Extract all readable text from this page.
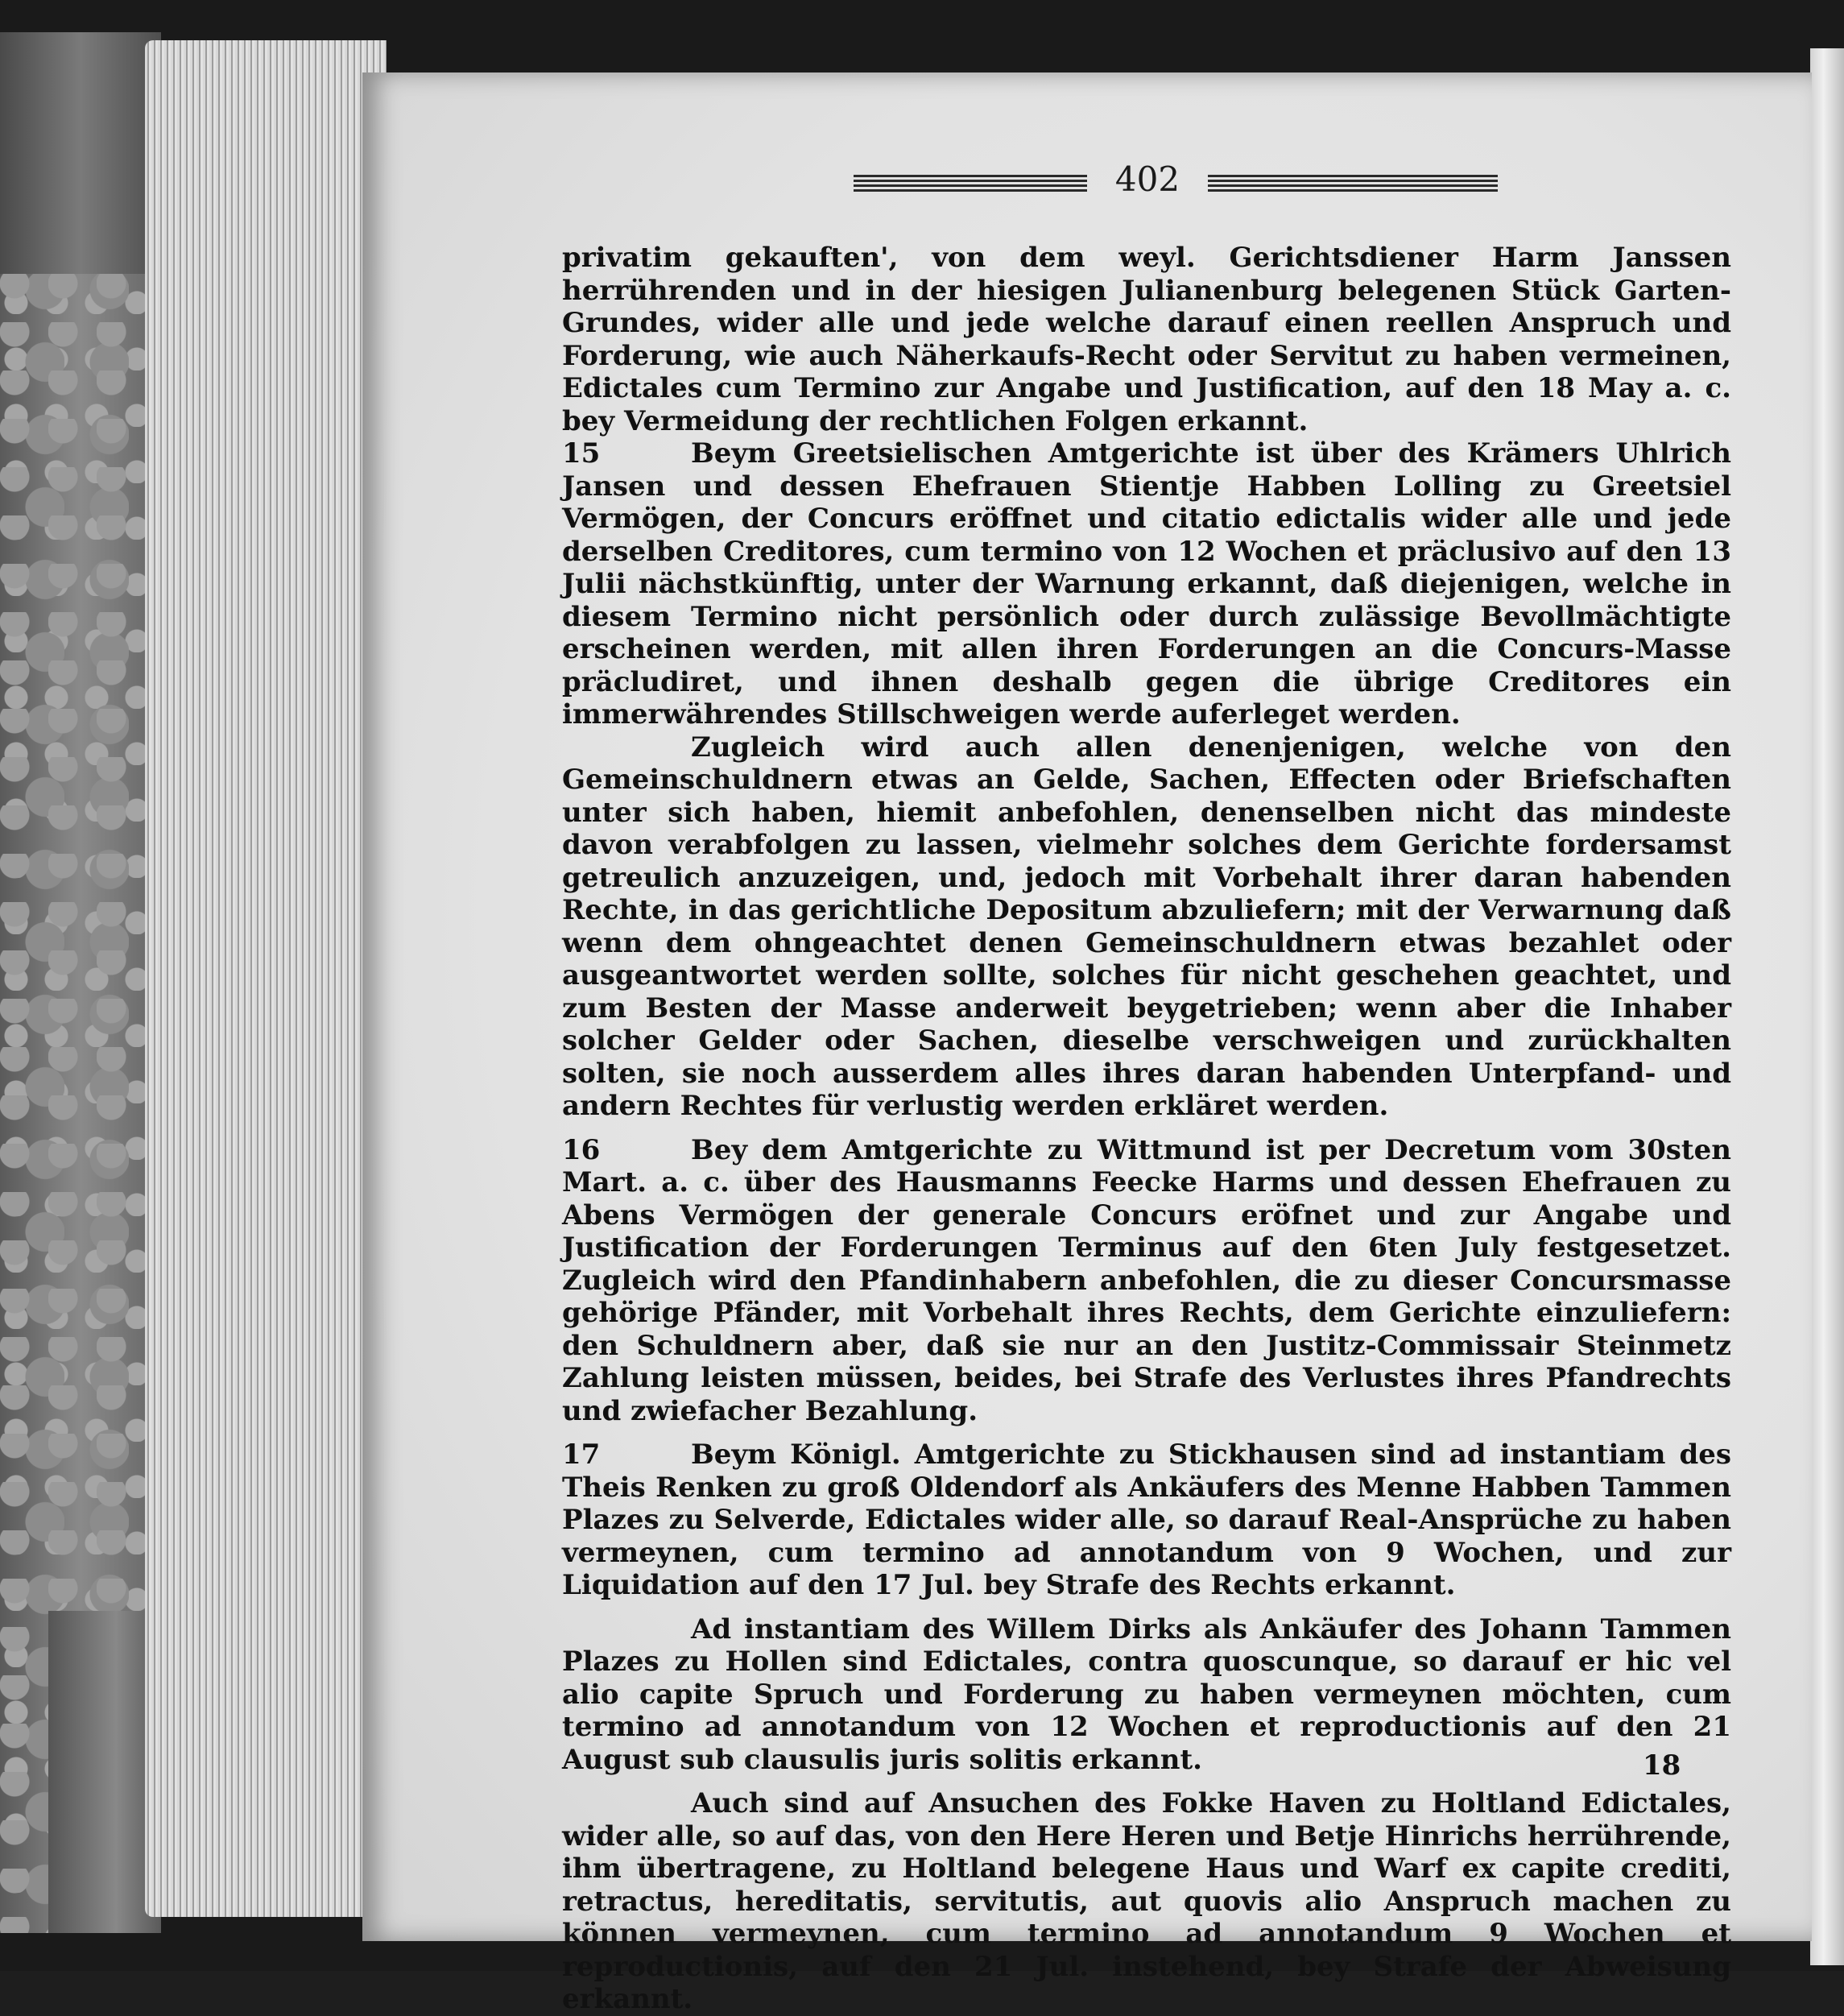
402

privatim gekauften', von dem weyl. Gerichtsdiener Harm Janssen herrührenden und in der hiesigen Julianenburg belegenen Stück Garten-Grundes, wider alle und jede welche darauf einen reellen Anspruch und Forderung, wie auch Näherkaufs-Recht oder Servitut zu haben vermeinen, Edictales cum Termino zur Angabe und Justification, auf den 18 May a. c. bey Vermeidung der rechtlichen Folgen erkannt.

15	Beym Greetsielischen Amtgerichte ist über des Krämers Uhlrich Jansen und dessen Ehefrauen Stientje Habben Lolling zu Greetsiel Vermögen, der Concurs eröffnet und citatio edictalis wider alle und jede derselben Creditores, cum termino von 12 Wochen et präclusivo auf den 13 Julii nächstkünftig, unter der Warnung erkannt, daß diejenigen, welche in diesem Termino nicht persönlich oder durch zulässige Bevollmächtigte erscheinen werden, mit allen ihren Forderungen an die Concurs-Masse präcludiret, und ihnen deshalb gegen die übrige Creditores ein immerwährendes Stillschweigen werde auferleget werden.

Zugleich wird auch allen denenjenigen, welche von den Gemeinschuldnern etwas an Gelde, Sachen, Effecten oder Briefschaften unter sich haben, hiemit anbefohlen, denenselben nicht das mindeste davon verabfolgen zu lassen, vielmehr solches dem Gerichte fordersamst getreulich anzuzeigen, und, jedoch mit Vorbehalt ihrer daran habenden Rechte, in das gerichtliche Depositum abzuliefern; mit der Verwarnung daß wenn dem ohngeachtet denen Gemeinschuldnern etwas bezahlet oder ausgeantwortet werden sollte, solches für nicht geschehen geachtet, und zum Besten der Masse anderweit beygetrieben; wenn aber die Inhaber solcher Gelder oder Sachen, dieselbe verschweigen und zurückhalten solten, sie noch ausserdem alles ihres daran habenden Unterpfand- und andern Rechtes für verlustig werden erkläret werden.

16	Bey dem Amtgerichte zu Wittmund ist per Decretum vom 30sten Mart. a. c. über des Hausmanns Feecke Harms und dessen Ehefrauen zu Abens Vermögen der generale Concurs eröfnet und zur Angabe und Justification der Forderungen Terminus auf den 6ten July festgesetzet. Zugleich wird den Pfandinhabern anbefohlen, die zu dieser Concursmasse gehörige Pfänder, mit Vorbehalt ihres Rechts, dem Gerichte einzuliefern: den Schuldnern aber, daß sie nur an den Justitz-Commissair Steinmetz Zahlung leisten müssen, beides, bei Strafe des Verlustes ihres Pfandrechts und zwiefacher Bezahlung.

17	Beym Königl. Amtgerichte zu Stickhausen sind ad instantiam des Theis Renken zu groß Oldendorf als Ankäufers des Menne Habben Tammen Plazes zu Selverde, Edictales wider alle, so darauf Real-Ansprüche zu haben vermeynen, cum termino ad annotandum von 9 Wochen, und zur Liquidation auf den 17 Jul. bey Strafe des Rechts erkannt.

Ad instantiam des Willem Dirks als Ankäufer des Johann Tammen Plazes zu Hollen sind Edictales, contra quoscunque, so darauf er hic vel alio capite Spruch und Forderung zu haben vermeynen möchten, cum termino ad annotandum von 12 Wochen et reproductionis auf den 21 August sub clausulis juris solitis erkannt.

Auch sind auf Ansuchen des Fokke Haven zu Holtland Edictales, wider alle, so auf das, von den Here Heren und Betje Hinrichs herrührende, ihm übertragene, zu Holtland belegene Haus und Warf ex capite crediti, retractus, hereditatis, servitutis, aut quovis alio Anspruch machen zu können vermeynen, cum termino ad annotandum 9 Wochen et reproductionis, auf den 21 Jul. instehend, bey Strafe der Abweisung erkannt.

18
